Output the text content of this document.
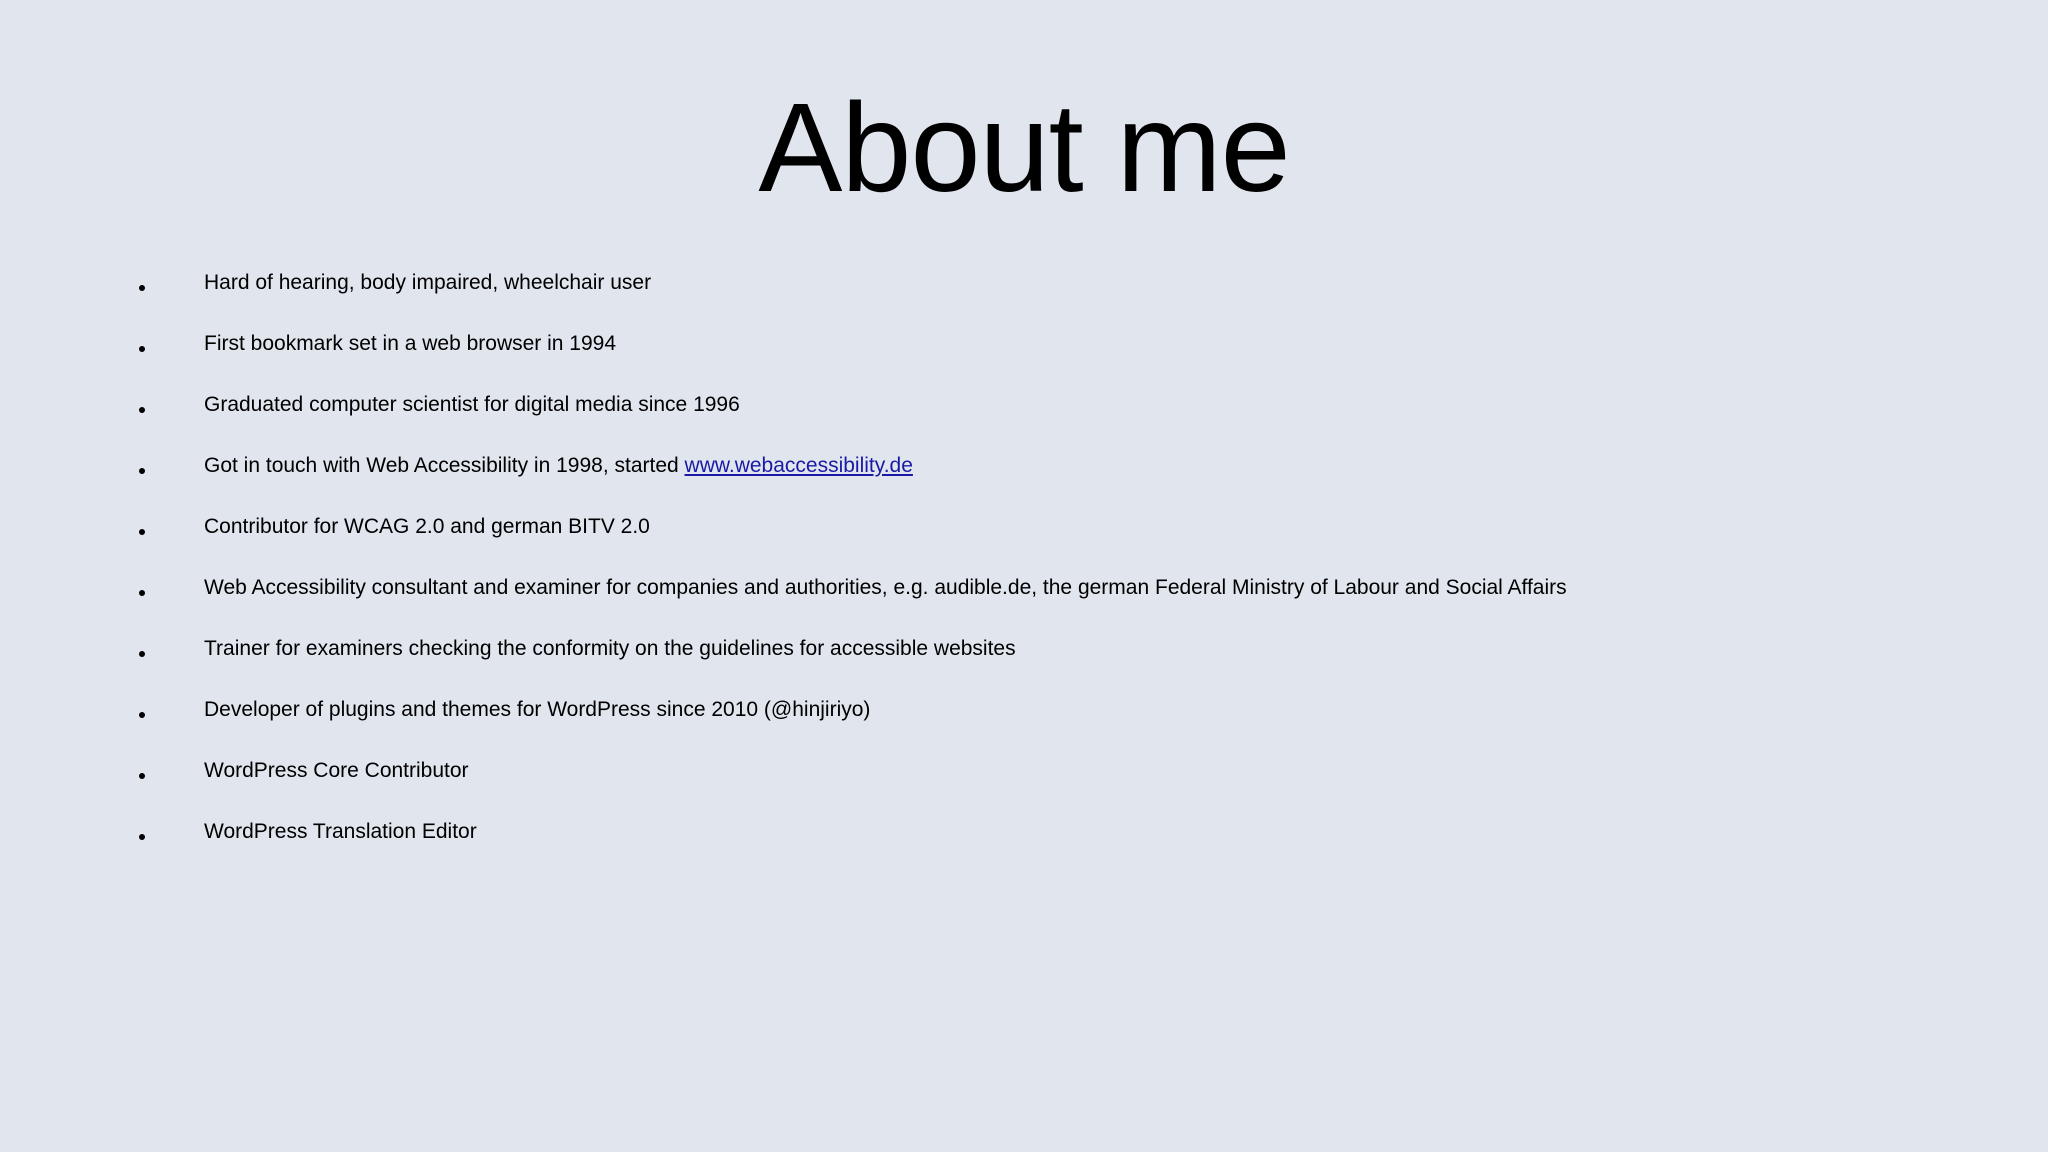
About me
Hard of hearing, body impaired, wheelchair user
First bookmark set in a web browser in 1994
Graduated computer scientist for digital media since 1996
Got in touch with Web Accessibility in 1998, started www.webaccessibility.de
Contributor for WCAG 2.0 and german BITV 2.0
Web Accessibility consultant and examiner for companies and authorities, e.g. audible.de, the german Federal Ministry of Labour and Social Affairs
Trainer for examiners checking the conformity on the guidelines for accessible websites
Developer of plugins and themes for WordPress since 2010 (@hinjiriyo)
WordPress Core Contributor
WordPress Translation Editor
